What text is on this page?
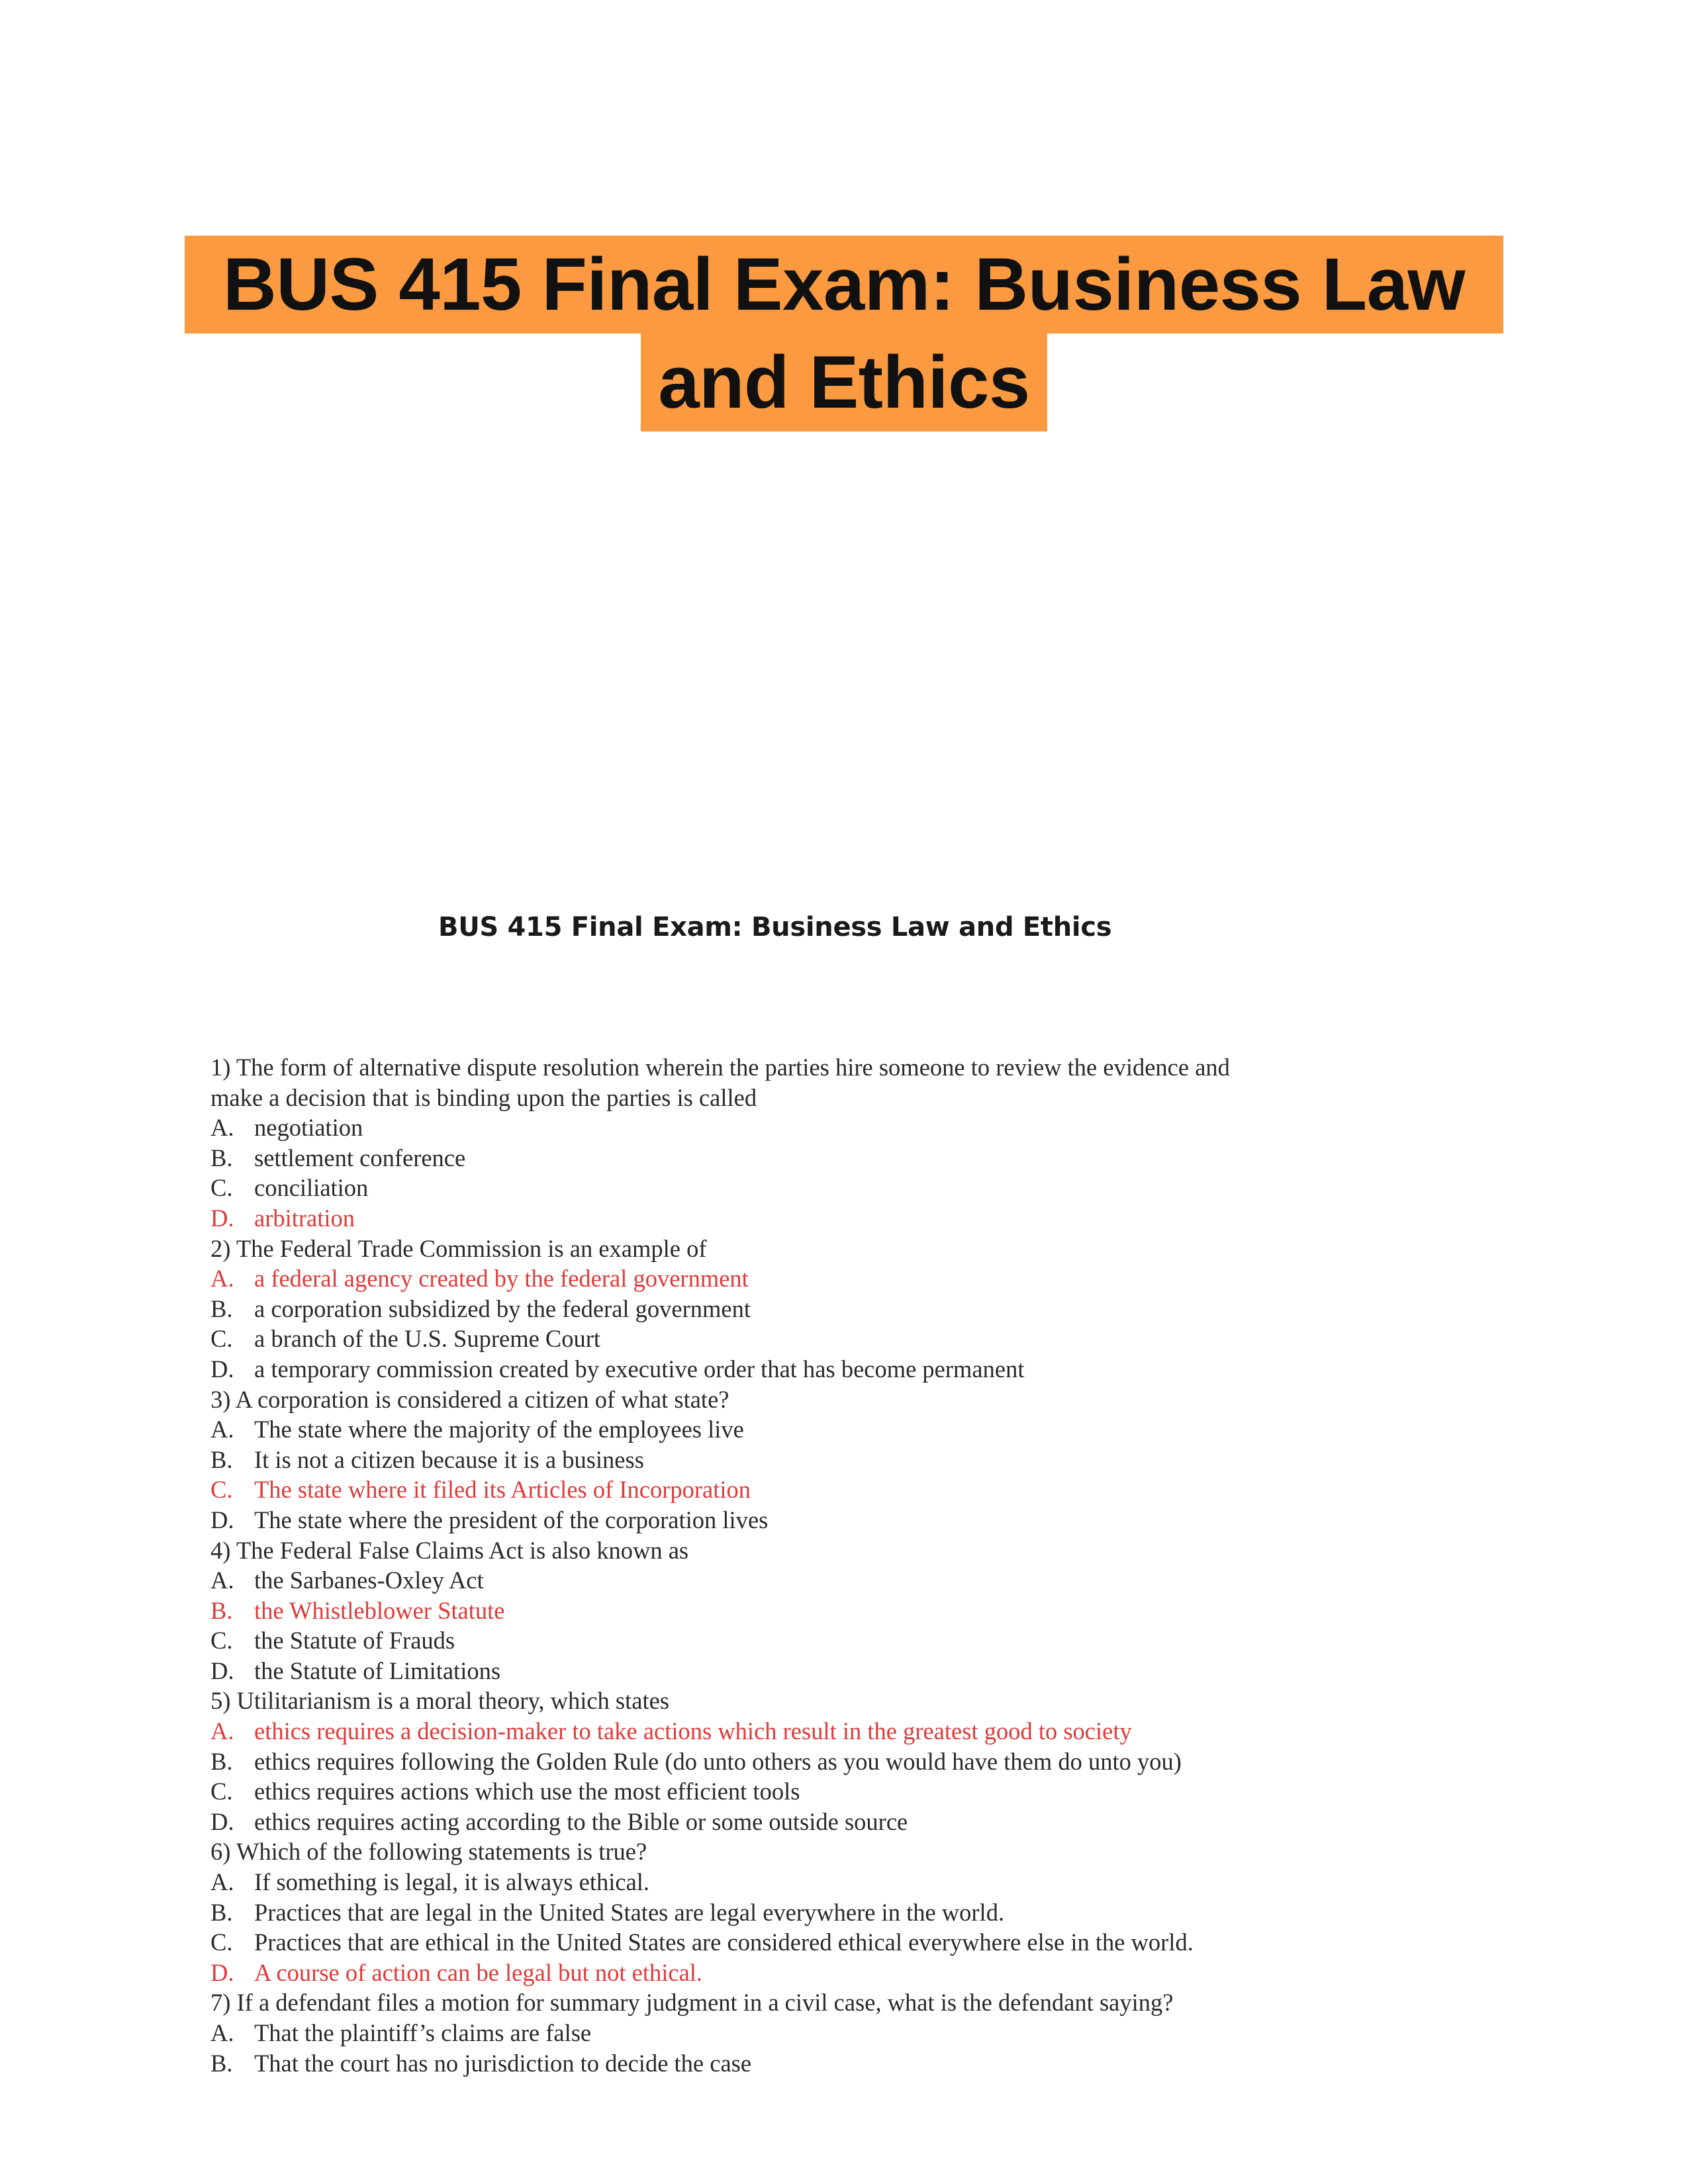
BUS 415 Final Exam: Business Law
and Ethics
BUS 415 Final Exam: Business Law and Ethics

1) The form of alternative dispute resolution wherein the parties hire someone to review the evidence and make a decision that is binding upon the parties is called

A. negotiation

B. settlement conference

C. conciliation

D. arbitration

2) The Federal Trade Commission is an example of

A. a federal agency created by the federal government

B. a corporation subsidized by the federal government

C. a branch of the U.S. Supreme Court

D. a temporary commission created by executive order that has become permanent

3) A corporation is considered a citizen of what state?

A. The state where the majority of the employees live

B. It is not a citizen because it is a business

C. The state where it filed its Articles of Incorporation

D. The state where the president of the corporation lives

4) The Federal False Claims Act is also known as

A. the Sarbanes-Oxley Act

B. the Whistleblower Statute

C. the Statute of Frauds

D. the Statute of Limitations

5) Utilitarianism is a moral theory, which states

A. ethics requires a decision-maker to take actions which result in the greatest good to society

B. ethics requires following the Golden Rule (do unto others as you would have them do unto you)

C. ethics requires actions which use the most efficient tools

D. ethics requires acting according to the Bible or some outside source

6) Which of the following statements is true?

A. If something is legal, it is always ethical.

B. Practices that are legal in the United States are legal everywhere in the world.

C. Practices that are ethical in the United States are considered ethical everywhere else in the world.

D. A course of action can be legal but not ethical.

7) If a defendant files a motion for summary judgment in a civil case, what is the defendant saying?

A. That the plaintiff’s claims are false

B. That the court has no jurisdiction to decide the case
